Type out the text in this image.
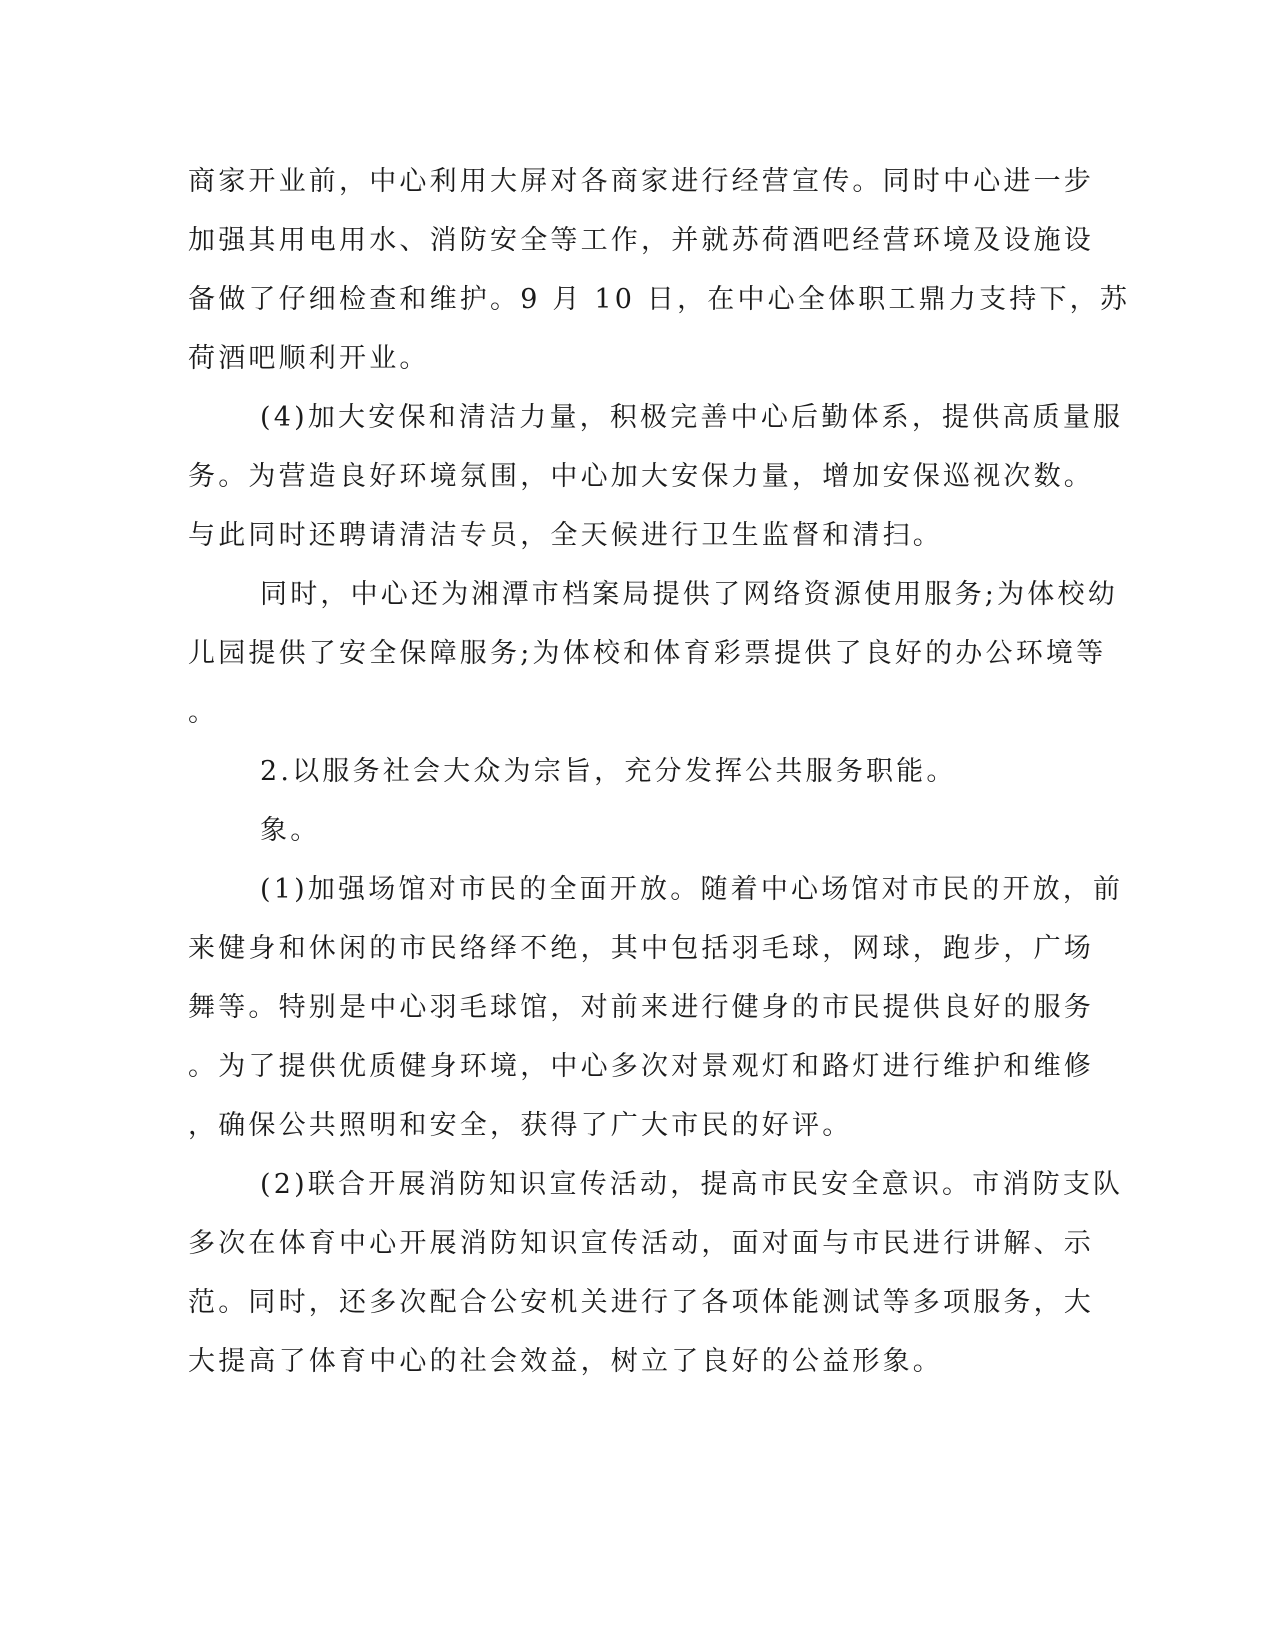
商家开业前，中心利用大屏对各商家进行经营宣传。同时中心进一步
加强其用电用水、消防安全等工作，并就苏荷酒吧经营环境及设施设
备做了仔细检查和维护。9 月 10 日，在中心全体职工鼎力支持下，苏
荷酒吧顺利开业。
(4)加大安保和清洁力量，积极完善中心后勤体系，提供高质量服
务。为营造良好环境氛围，中心加大安保力量，增加安保巡视次数。
与此同时还聘请清洁专员，全天候进行卫生监督和清扫。
同时，中心还为湘潭市档案局提供了网络资源使用服务;为体校幼
儿园提供了安全保障服务;为体校和体育彩票提供了良好的办公环境等
。
2.以服务社会大众为宗旨，充分发挥公共服务职能。
象。
(1)加强场馆对市民的全面开放。随着中心场馆对市民的开放，前
来健身和休闲的市民络绎不绝，其中包括羽毛球，网球，跑步，广场
舞等。特别是中心羽毛球馆，对前来进行健身的市民提供良好的服务
。为了提供优质健身环境，中心多次对景观灯和路灯进行维护和维修
，确保公共照明和安全，获得了广大市民的好评。
(2)联合开展消防知识宣传活动，提高市民安全意识。市消防支队
多次在体育中心开展消防知识宣传活动，面对面与市民进行讲解、示
范。同时，还多次配合公安机关进行了各项体能测试等多项服务，大
大提高了体育中心的社会效益，树立了良好的公益形象。
